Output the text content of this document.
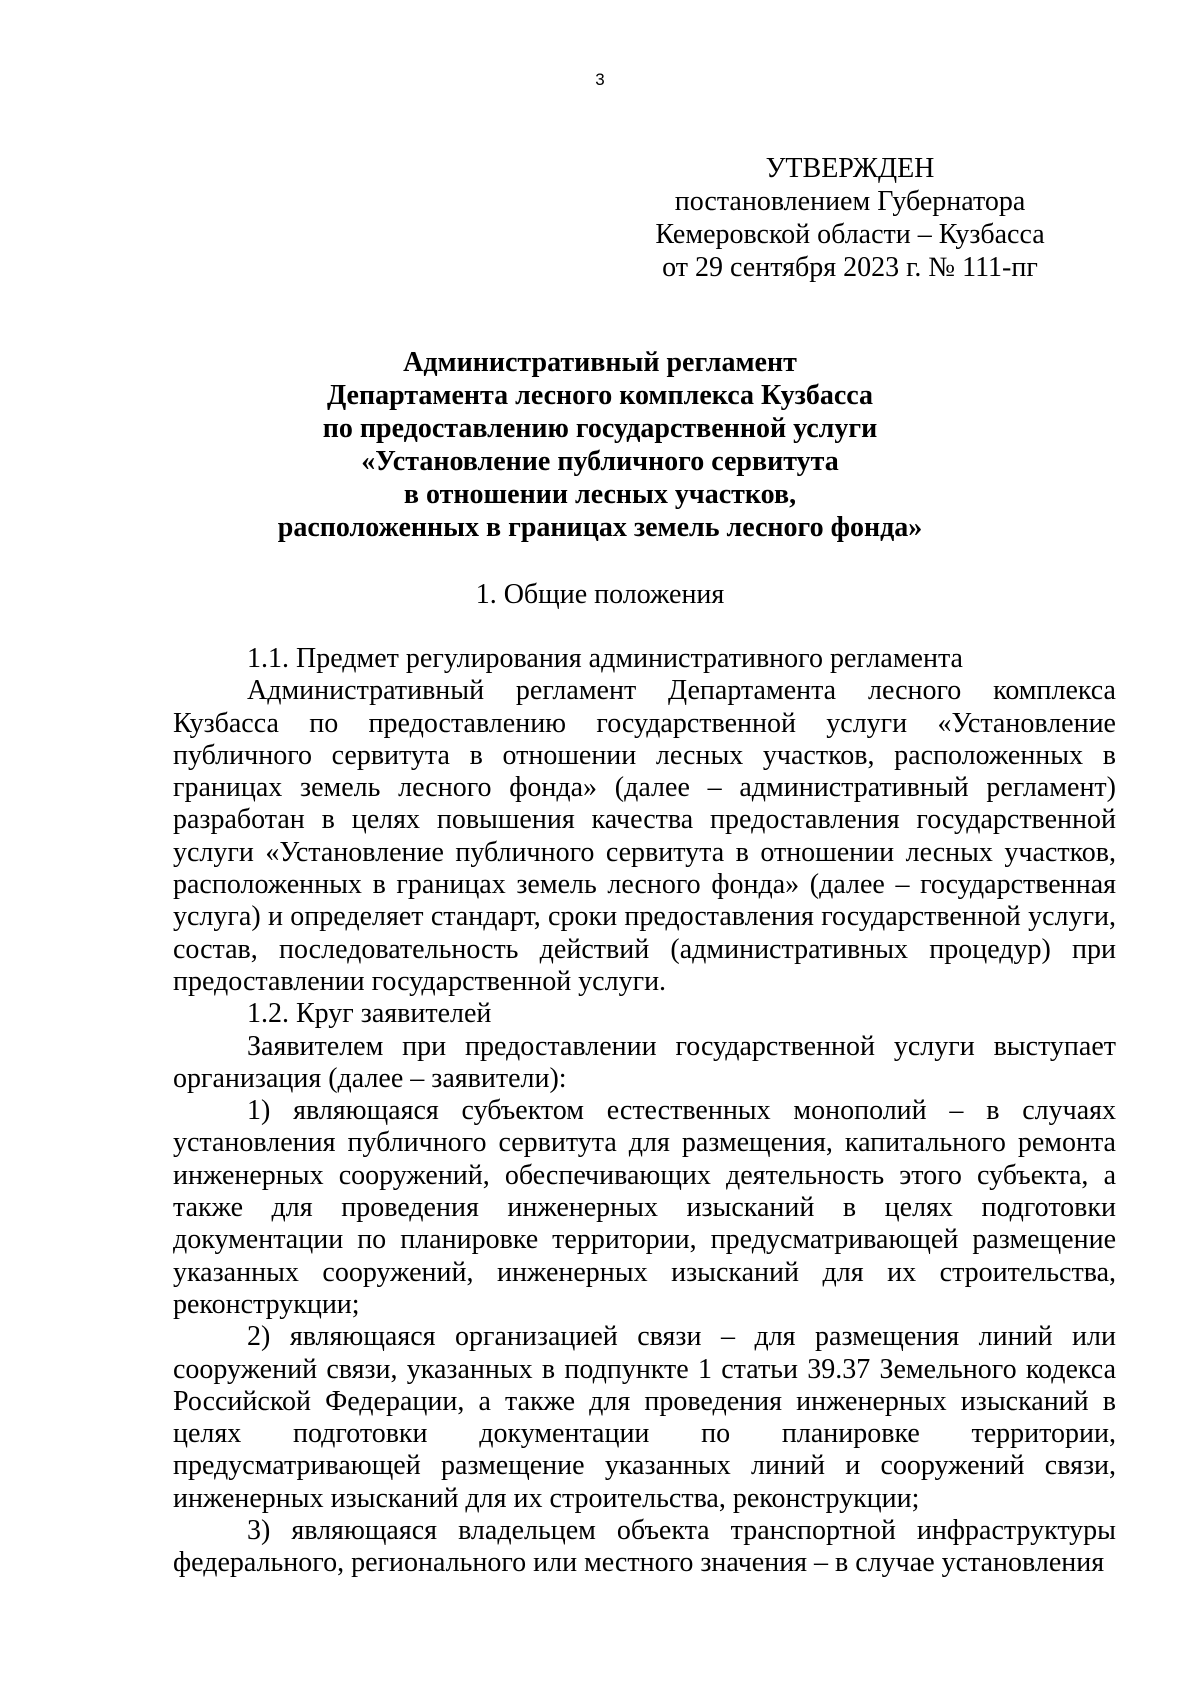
3
УТВЕРЖДЕН
постановлением Губернатора
Кемеровской области – Кузбасса
от 29 сентября 2023 г. № 111-пг
Административный регламент
Департамента лесного комплекса Кузбасса
по предоставлению государственной услуги
«Установление публичного сервитута
в отношении лесных участков,
расположенных в границах земель лесного фонда»
1. Общие положения

1.1. Предмет регулирования административного регламента

Административный регламент Департамента лесного комплекса Кузбасса по предоставлению государственной услуги «Установление публичного сервитута в отношении лесных участков, расположенных в границах земель лесного фонда» (далее – административный регламент) разработан в целях повышения качества предоставления государственной услуги «Установление публичного сервитута в отношении лесных участков, расположенных в границах земель лесного фонда» (далее – государственная услуга) и определяет стандарт, сроки предоставления государственной услуги, состав, последовательность действий (административных процедур) при предоставлении государственной услуги.

1.2. Круг заявителей

Заявителем при предоставлении государственной услуги выступает организация (далее – заявители):

1) являющаяся субъектом естественных монополий – в случаях установления публичного сервитута для размещения, капитального ремонта инженерных сооружений, обеспечивающих деятельность этого субъекта, а также для проведения инженерных изысканий в целях подготовки документации по планировке территории, предусматривающей размещение указанных сооружений, инженерных изысканий для их строительства, реконструкции;

2) являющаяся организацией связи – для размещения линий или сооружений связи, указанных в подпункте 1 статьи 39.37 Земельного кодекса Российской Федерации, а также для проведения инженерных изысканий в целях подготовки документации по планировке территории, предусматривающей размещение указанных линий и сооружений связи, инженерных изысканий для их строительства, реконструкции;

3) являющаяся владельцем объекта транспортной инфраструктуры федерального, регионального или местного значения – в случае установления
